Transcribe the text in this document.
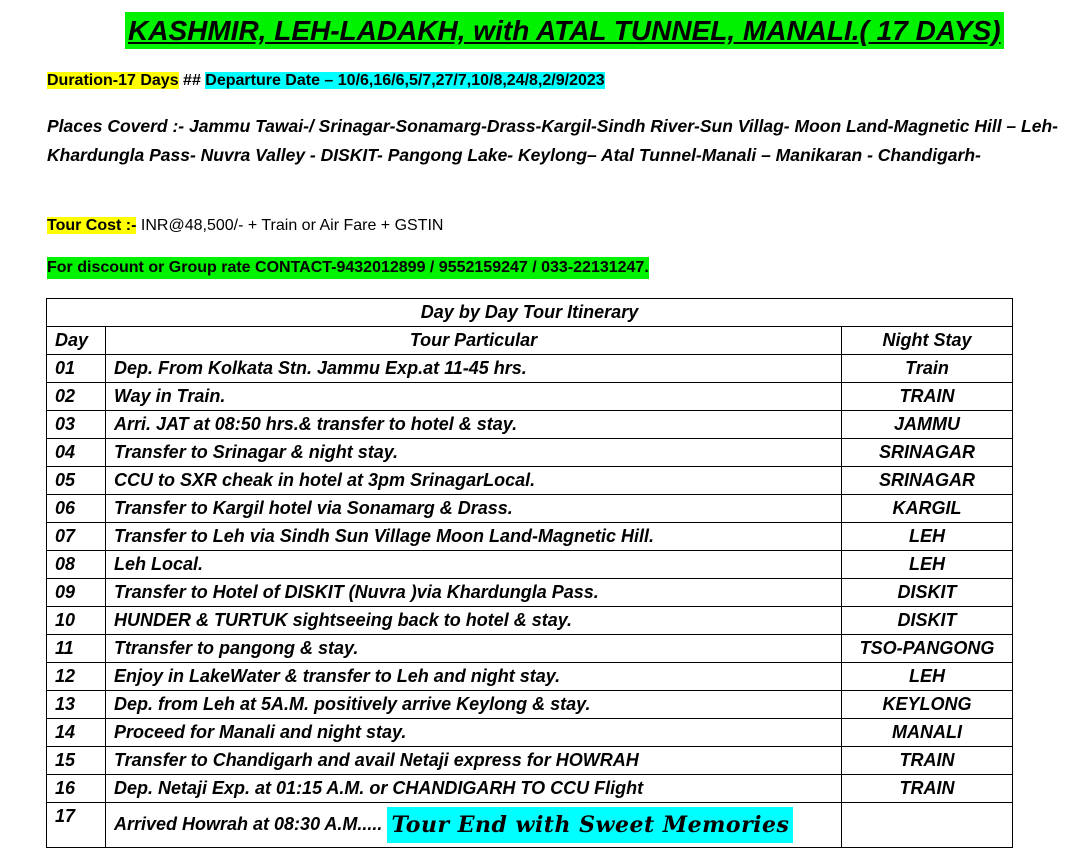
KASHMIR, LEH-LADAKH, with ATAL TUNNEL, MANALI.( 17 DAYS)
Duration-17 Days ## Departure Date – 10/6,16/6,5/7,27/7,10/8,24/8,2/9/2023
Places Coverd :- Jammu Tawai-/ Srinagar-Sonamarg-Drass-Kargil-Sindh River-Sun Villag- Moon Land-Magnetic Hill – Leh- Khardungla Pass- Nuvra Valley - DISKIT- Pangong Lake- Keylong– Atal Tunnel-Manali – Manikaran - Chandigarh-
Tour Cost :- INR@48,500/- + Train or Air Fare + GSTIN
For discount or Group rate CONTACT-9432012899 / 9552159247 / 033-22131247.
Day by Day Tour Itinerary		
Day	Tour Particular	Night Stay
01	Dep. From Kolkata Stn. Jammu Exp.at 11-45 hrs.	Train
02	Way in Train.	TRAIN
03	Arri. JAT at 08:50 hrs.& transfer to hotel & stay.	JAMMU
04	Transfer to Srinagar & night stay.	SRINAGAR
05	CCU to SXR cheak in hotel at 3pm SrinagarLocal.	SRINAGAR
06	Transfer to Kargil hotel via Sonamarg & Drass.	KARGIL
07	Transfer to Leh via Sindh Sun Village Moon Land-Magnetic Hill.	LEH
08	Leh Local.	LEH
09	Transfer to Hotel of DISKIT (Nuvra )via Khardungla Pass.	DISKIT
10	HUNDER & TURTUK sightseeing back to hotel & stay.	DISKIT
11	Ttransfer to pangong & stay.	TSO-PANGONG
12	Enjoy in LakeWater & transfer to Leh and night stay.	LEH
13	Dep. from Leh at 5A.M. positively arrive Keylong & stay.	KEYLONG
14	Proceed for Manali and night stay.	MANALI
15	Transfer to Chandigarh and avail Netaji express for HOWRAH	TRAIN
16	Dep. Netaji Exp. at 01:15 A.M. or CHANDIGARH TO CCU Flight	TRAIN
17	Arrived Howrah at 08:30 A.M..... Tour End with Sweet Memories	
